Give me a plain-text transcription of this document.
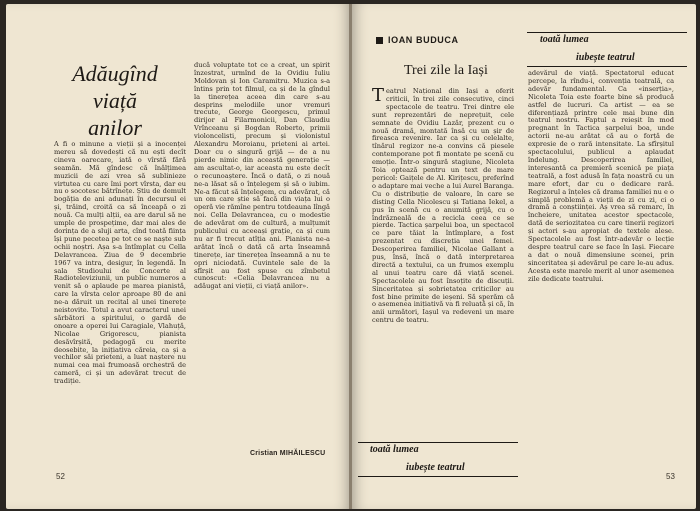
Adăugînd
viață
anilor
A fi o minune a vieții și a inocenței mereu să dovedești că nu ești decît cineva oarecare, iată o vîrstă fără seamăn. Mă gîndesc că înălțimea muzicii de azi vrea să sublinieze virtutea cu care îmi port vîrsta, dar eu nu o socotesc bătrînețe. Știu de demult bogăția de ani adunați în decursul ei și, trăind, croită ca să înceapă o zi nouă. Ca mulți alții, ea are darul să ne umple de prospețime, dar mai ales de dorința de a sluji arta, cînd toată ființa își pune pecetea pe tot ce se naște sub ochii noștri. Așa s-a întîmplat cu Cella Delavrancea. Ziua de 9 decembrie 1967 va intra, desigur, în legendă. În sala Studioului de Concerte al Radioteleviziunii, un public numeros a venit să o aplaude pe marea pianistă, care la vîrsta celor aproape 80 de ani ne-a dăruit un recital al unei tinerețe neistovite. Totul a avut caracterul unei sărbători a spiritului, o gardă de onoare a operei lui Caragiale, Vlahuță, Nicolae Grigorescu, pianista desăvîrșită, pedagogă cu merite deosebite, la inițiativa căreia, ca și a vechilor săi prieteni, a luat naștere nu numai cea mai frumoasă orchestră de cameră, ci și un adevărat trecut de tradiție.
ducă voluptate tot ce a creat, un spirit înzestrat, urmînd de la Ovidiu Iuliu Moldovan și Ion Caramitru. Muzica s-a întins prin tot filmul, ca și de la gîndul la tinerețea aceea din care s-au desprins melodiile unor vremuri trecute, George Georgescu, primul dirijor al Filarmonicii, Dan Claudiu Vrînceanu și Bogdan Roberto, primii violoncelisti, precum și violonistul Alexandru Moroianu, prieteni ai artei. Doar cu o singură grijă — de a nu pierde nimic din această generație — am ascultat-o, iar aceasta nu este decît o recunoaștere. Încă o dată, o zi nouă ne-a lăsat să o înțelegem și să o iubim. Ne-a făcut să înțelegem, cu adevărat, că un om care știe să facă din viața lui o operă vie rămîne pentru totdeauna lîngă noi. Cella Delavrancea, cu o modestie de adevărat om de cultură, a mulțumit publicului cu aceeași grație, ca și cum nu ar fi trecut atîția ani. Pianista ne-a arătat încă o dată că arta înseamnă tinerețe, iar tinerețea înseamnă a nu te opri niciodată. Cuvintele sale de la sfîrșit au fost spuse cu zîmbetul cunoscut: «Celia Delavrancea nu a adăugat ani vieții, ci viață anilor».
Cristian MIHĂILESCU
52
IOAN BUDUCA	toată lumea
iubește teatrul
Trei zile la Iași
Teatrul Național din Iași a oferit criticii, în trei zile consecutive, cinci spectacole de teatru. Trei dintre ele sunt reprezentări de neprețuit, cele semnate de Ovidiu Lazăr, prezent cu o nouă dramă, montată însă cu un șir de fireasca revenire. Iar ca și cu celelalte, tînărul regizor ne-a convins că piesele contemporane pot fi montate pe scenă cu emoție. Într-o singură stagiune, Nicoleta Toia optează pentru un text de mare pericol: Gaițele de Al. Kirițescu, preferînd o adaptare mai veche a lui Aurel Baranga. Cu o distribuție de valoare, în care se disting Cella Nicolescu și Tatiana Iekel, a pus în scenă cu o anumită grijă, cu o îndrăzneală de a recicla ceea ce se pierde. Tactica șarpelui boa, un spectacol ce pare tăiat la întîmplare, a fost prezentat cu discreția unei femei. Descoperirea familiei, Nicolae Gallant a pus, însă, încă o dată interpretarea directă a textului, ca un frumos exemplu al unui teatru care dă viață scenei. Spectacolele au fost însoțite de discuții. Sinceritatea și sobrietatea criticilor au fost bine primite de ieșeni. Să sperăm că o asemenea inițiativă va fi reluată și că, în anii următori, Iașul va redeveni un mare centru de teatru.
adevărul de viață. Spectatorul educat percepe, la rîndu-i, convenția teatrală, ca adevăr fundamental. Ca «inserția», Nicoleta Toia este foarte bine să producă astfel de lucruri. Ca artist — ea se diferențiază printre cele mai bune din teatrul nostru. Faptul a reieșit în mod pregnant în Tactica șarpelui boa, unde actorii ne-au arătat că au o forță de expresie de o rară intensitate. La sfîrșitul spectacolului, publicul a aplaudat îndelung. Descoperirea familiei, interesantă ca premieră scenică pe piața teatrală, a fost adusă în fața noastră cu un mare efort, dar cu o dedicare rară. Regizorul a înțeles că drama familiei nu e o simplă problemă a vieții de zi cu zi, ci o dramă a conștiinței. Aș vrea să remarc, în încheiere, unitatea acestor spectacole, dată de seriozitatea cu care tinerii regizori și actori s-au apropiat de textele alese. Spectacolele au fost într-adevăr o lecție despre teatrul care se face în Iași. Fiecare a dat o nouă dimensiune scenei, prin sinceritatea și adevărul pe care le-au adus. Acesta este marele merit al unor asemenea zile dedicate teatrului.
toată lumea
iubește teatrul
53
